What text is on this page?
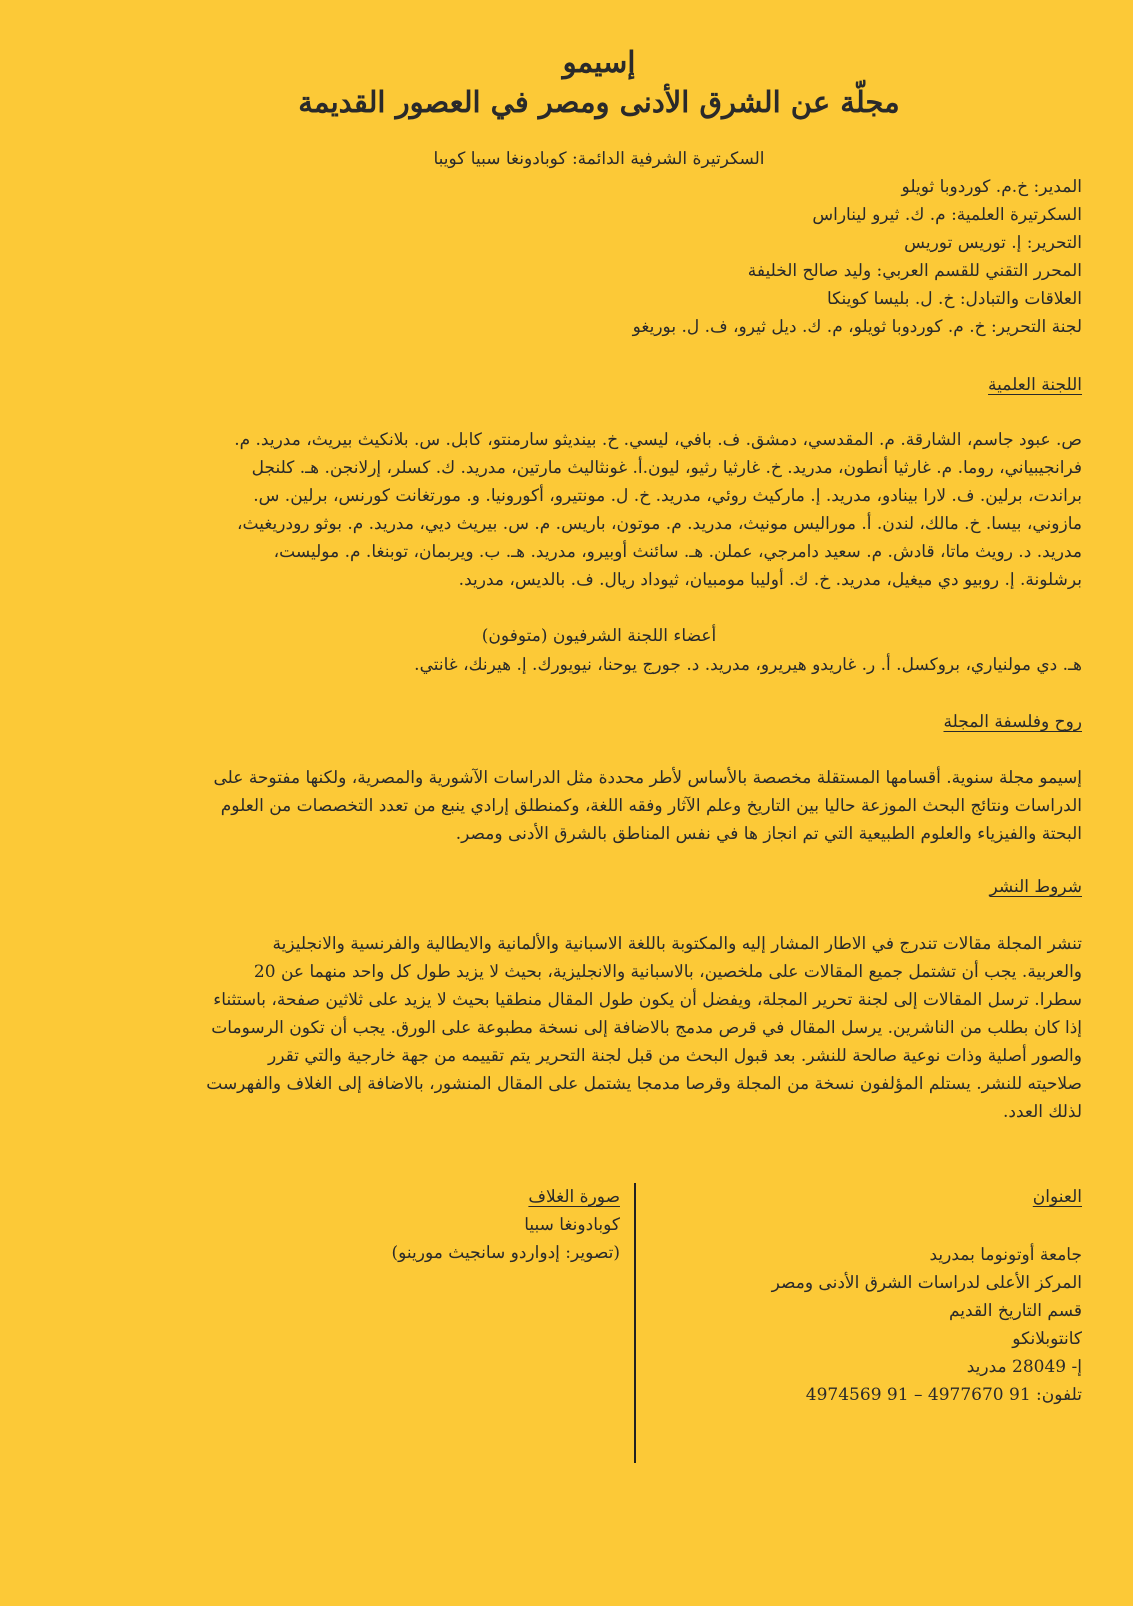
إسيمو
مجلّة عن الشرق الأدنى ومصر في العصور القديمة

السكرتيرة الشرفية الدائمة: كوبادونغا سبيا كويبا

المدير: خ.م. كوردوبا ثويلو

السكرتيرة العلمية: م. ك. ثيرو ليناراس

التحرير: إ. توريس توريس

المحرر التقني للقسم العربي: وليد صالح الخليفة

العلاقات والتبادل: خ. ل. بليسا كوينكا

لجنة التحرير: خ. م. كوردوبا ثويلو، م. ك. ديل ثيرو، ف. ل. بوريغو

اللجنة العلمية

ص. عبود جاسم، الشارقة. م. المقدسي، دمشق. ف. بافي، ليسي. خ. بينديثو سارمنتو، كابل. س. بلانكيث بيريث، مدريد. م.

فرانجيبياني، روما. م. غارثيا أنطون، مدريد. خ. غارثيا رثيو، ليون.أ. غونثاليث مارتين، مدريد. ك. كسلر، إرلانجن. هـ. كلنجل

براندت، برلين. ف. لارا بينادو، مدريد. إ. ماركيث روئي، مدريد. خ. ل. مونتيرو، أكورونيا. و. مورتغانت كورنس، برلين. س.

مازوني، بيسا. خ. مالك، لندن. أ. موراليس مونيث، مدريد. م. موتون، باريس. م. س. بيريث ديي، مدريد. م. بوثو رودريغيث،

مدريد. د. رويث ماتا، قادش. م. سعيد دامرجي، عملن. هـ. سائنث أوبيرو، مدريد. هـ. ب. ويربمان، توبنغا. م. موليست،

برشلونة. إ. روبيو دي ميغيل، مدريد. خ. ك. أوليبا مومبيان، ثيوداد ريال. ف. بالديس، مدريد.

أعضاء اللجنة الشرفيون (متوفون)

هـ. دي مولنياري، بروكسل. أ. ر. غاريدو هيريرو، مدريد. د. جورج يوحنا، نيويورك. إ. هيرنك، غانتي.

روح وفلسفة المجلة

إسيمو مجلة سنوية. أقسامها المستقلة مخصصة بالأساس لأطر محددة مثل الدراسات الآشورية والمصرية، ولكنها مفتوحة على

الدراسات ونتائج البحث الموزعة حاليا بين التاريخ وعلم الآثار وفقه اللغة، وكمنطلق إرادي ينبع من تعدد التخصصات من العلوم

البحتة والفيزياء والعلوم الطبيعية التي تم انجاز ها في نفس المناطق بالشرق الأدنى ومصر.

شروط النشر

تنشر المجلة مقالات تندرج في الاطار المشار إليه والمكتوبة باللغة الاسبانية والألمانية والايطالية والفرنسية والانجليزية

والعربية. يجب أن تشتمل جميع المقالات على ملخصين، بالاسبانية والانجليزية، بحيث لا يزيد طول كل واحد منهما عن 20

سطرا. ترسل المقالات إلى لجنة تحرير المجلة، ويفضل أن يكون طول المقال منطقيا بحيث لا يزيد على ثلاثين صفحة، باستثناء

إذا كان بطلب من الناشرين. يرسل المقال في قرص مدمج بالاضافة إلى نسخة مطبوعة على الورق. يجب أن تكون الرسومات

والصور أصلية وذات نوعية صالحة للنشر. بعد قبول البحث من قبل لجنة التحرير يتم تقييمه من جهة خارجية والتي تقرر

صلاحيته للنشر. يستلم المؤلفون نسخة من المجلة وقرصا مدمجا يشتمل على المقال المنشور، بالاضافة إلى الغلاف والفهرست

لذلك العدد.

العنوان

جامعة أوتونوما بمدريد

المركز الأعلى لدراسات الشرق الأدنى ومصر

قسم التاريخ القديم

كانتوبلانكو

إ- 28049 مدريد

تلفون: 91 4977670 – 91 4974569

صورة الغلاف

كوبادونغا سبيا

(تصوير: إدواردو سانجيث مورينو)
